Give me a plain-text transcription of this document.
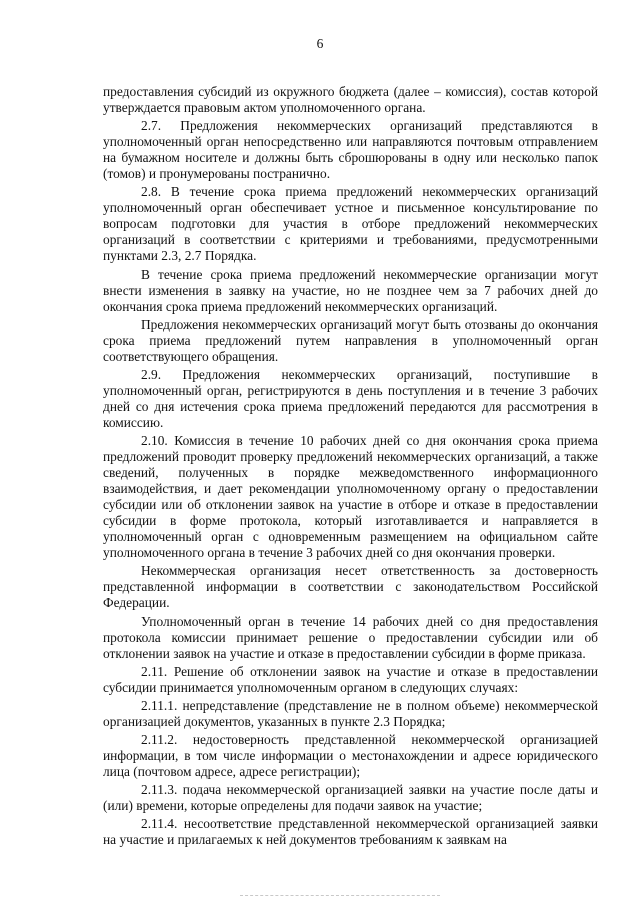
6

предоставления субсидий из окружного бюджета (далее – комиссия), состав которой утверждается правовым актом уполномоченного органа.

2.7. Предложения некоммерческих организаций представляются в уполномоченный орган непосредственно или направляются почтовым отправлением на бумажном носителе и должны быть сброшюрованы в одну или несколько папок (томов) и пронумерованы постранично.

2.8. В течение срока приема предложений некоммерческих организаций уполномоченный орган обеспечивает устное и письменное консультирование по вопросам подготовки для участия в отборе предложений некоммерческих организаций в соответствии с критериями и требованиями, предусмотренными пунктами 2.3, 2.7 Порядка.

В течение срока приема предложений некоммерческие организации могут внести изменения в заявку на участие, но не позднее чем за 7 рабочих дней до окончания срока приема предложений некоммерческих организаций.

Предложения некоммерческих организаций могут быть отозваны до окончания срока приема предложений путем направления в уполномоченный орган соответствующего обращения.

2.9. Предложения некоммерческих организаций, поступившие в уполномоченный орган, регистрируются в день поступления и в течение 3 рабочих дней со дня истечения срока приема предложений передаются для рассмотрения в комиссию.

2.10. Комиссия в течение 10 рабочих дней со дня окончания срока приема предложений проводит проверку предложений некоммерческих организаций, а также сведений, полученных в порядке межведомственного информационного взаимодействия, и дает рекомендации уполномоченному органу о предоставлении субсидии или об отклонении заявок на участие в отборе и отказе в предоставлении субсидии в форме протокола, который изготавливается и направляется в уполномоченный орган с одновременным размещением на официальном сайте уполномоченного органа в течение 3 рабочих дней со дня окончания проверки.

Некоммерческая организация несет ответственность за достоверность представленной информации в соответствии с законодательством Российской Федерации.

Уполномоченный орган в течение 14 рабочих дней со дня предоставления протокола комиссии принимает решение о предоставлении субсидии или об отклонении заявок на участие и отказе в предоставлении субсидии в форме приказа.

2.11. Решение об отклонении заявок на участие и отказе в предоставлении субсидии принимается уполномоченным органом в следующих случаях:

2.11.1. непредставление (представление не в полном объеме) некоммерческой организацией документов, указанных в пункте 2.3 Порядка;

2.11.2. недостоверность представленной некоммерческой организацией информации, в том числе информации о местонахождении и адресе юридического лица (почтовом адресе, адресе регистрации);

2.11.3. подача некоммерческой организацией заявки на участие после даты и (или) времени, которые определены для подачи заявок на участие;

2.11.4. несоответствие представленной некоммерческой организацией заявки на участие и прилагаемых к ней документов требованиям к заявкам на
